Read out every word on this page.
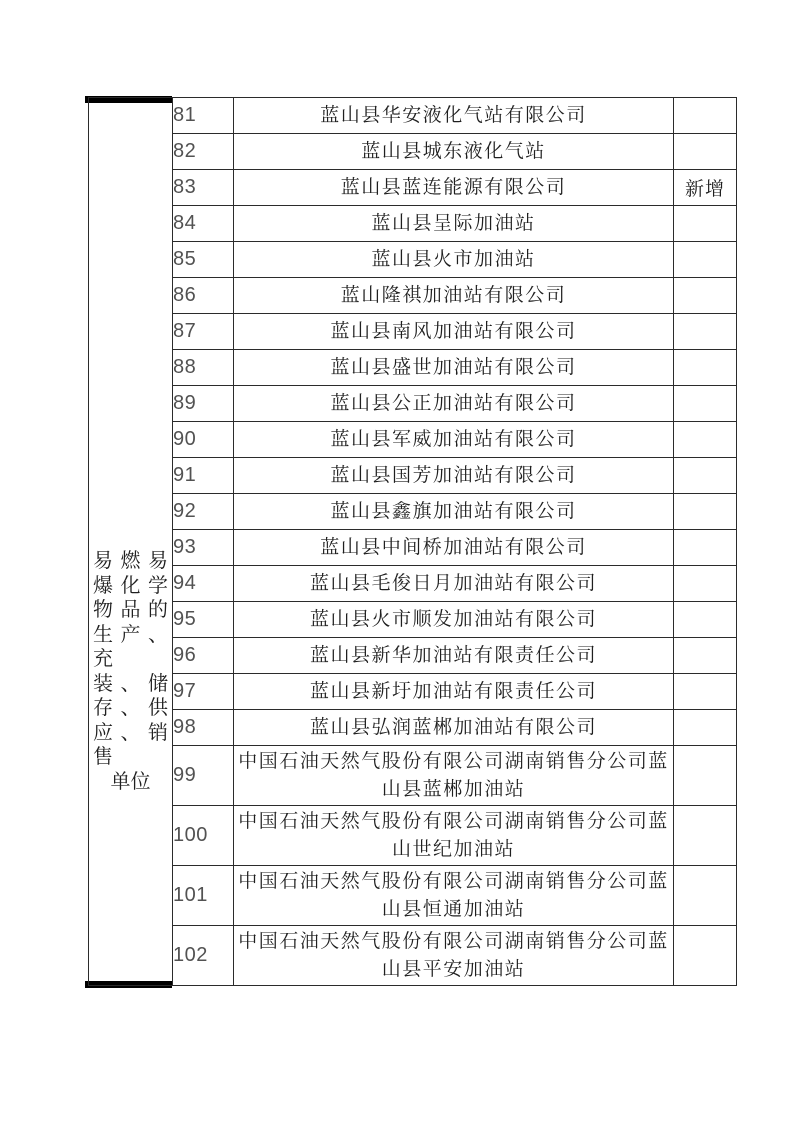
易燃易
爆化学
物品的
生产、充
装、储
存、供
应、销售
单位
	81	蓝山县华安液化气站有限公司	
	82	蓝山县城东液化气站	
	83	蓝山县蓝连能源有限公司	新增
	84	蓝山县呈际加油站	
	85	蓝山县火市加油站	
	86	蓝山隆祺加油站有限公司	
	87	蓝山县南风加油站有限公司	
	88	蓝山县盛世加油站有限公司	
	89	蓝山县公正加油站有限公司	
	90	蓝山县军威加油站有限公司	
	91	蓝山县国芳加油站有限公司	
	92	蓝山县鑫旗加油站有限公司	
	93	蓝山县中间桥加油站有限公司	
	94	蓝山县毛俊日月加油站有限公司	
	95	蓝山县火市顺发加油站有限公司	
	96	蓝山县新华加油站有限责任公司	
	97	蓝山县新圩加油站有限责任公司	
	98	蓝山县弘润蓝郴加油站有限公司	
	99	中国石油天然气股份有限公司湖南销售分公司蓝山县蓝郴加油站	
	100	中国石油天然气股份有限公司湖南销售分公司蓝山世纪加油站	
	101	中国石油天然气股份有限公司湖南销售分公司蓝山县恒通加油站	
	102	中国石油天然气股份有限公司湖南销售分公司蓝山县平安加油站	
